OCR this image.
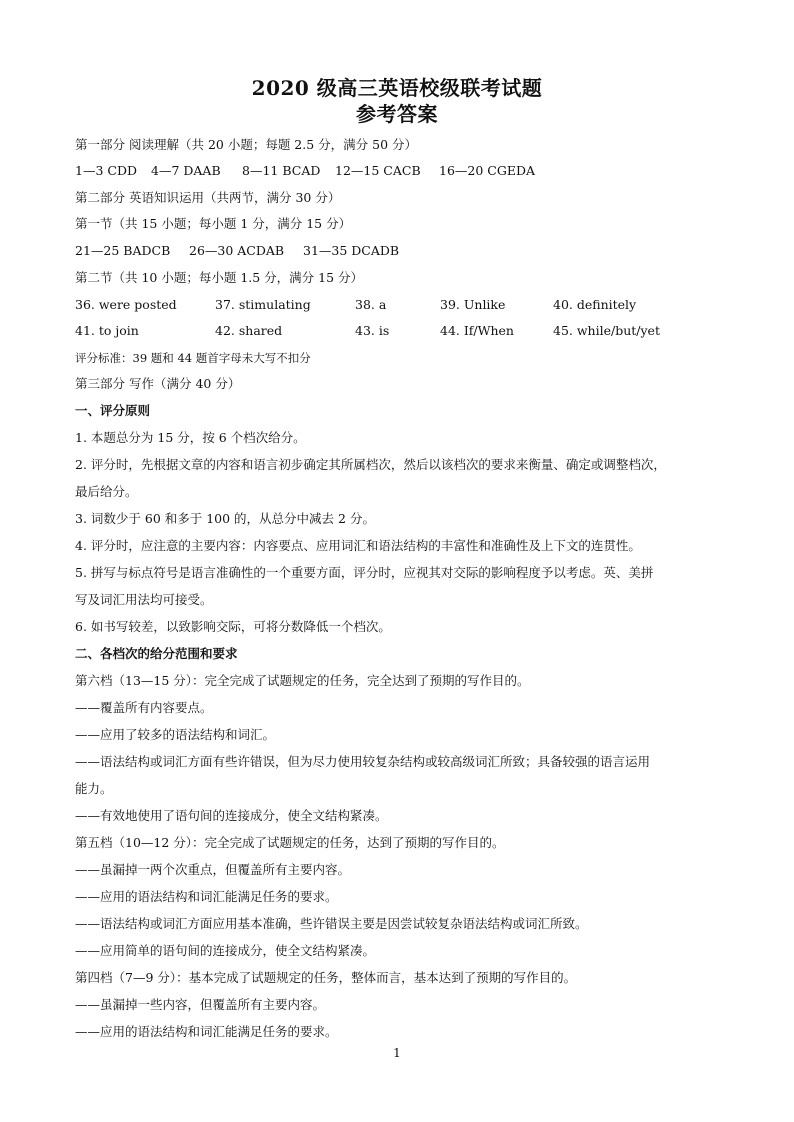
2020 级高三英语校级联考试题
参考答案
第一部分 阅读理解（共 20 小题；每题 2.5 分，满分 50 分）
1—3 CDD 4—7 DAAB 8—11 BCAD 12—15 CACB 16—20 CGEDA
第二部分 英语知识运用（共两节，满分 30 分）
第一节（共 15 小题；每小题 1 分，满分 15 分）
21—25 BADCB 26—30 ACDAB 31—35 DCADB
第二节（共 10 小题；每小题 1.5 分，满分 15 分）
36. were posted	37. stimulating	38. a	39. Unlike	40. definitely
41. to join	42. shared	43. is	44. If/When	45. while/but/yet
评分标准：39 题和 44 题首字母未大写不扣分
第三部分 写作（满分 40 分）
一、评分原则
1. 本题总分为 15 分，按 6 个档次给分。
2. 评分时，先根据文章的内容和语言初步确定其所属档次，然后以该档次的要求来衡量、确定或调整档次，
最后给分。
3. 词数少于 60 和多于 100 的，从总分中减去 2 分。
4. 评分时，应注意的主要内容：内容要点、应用词汇和语法结构的丰富性和准确性及上下文的连贯性。
5. 拼写与标点符号是语言准确性的一个重要方面，评分时，应视其对交际的影响程度予以考虑。英、美拼
写及词汇用法均可接受。
6. 如书写较差，以致影响交际，可将分数降低一个档次。
二、各档次的给分范围和要求
第六档（13—15 分）：完全完成了试题规定的任务，完全达到了预期的写作目的。
——覆盖所有内容要点。
——应用了较多的语法结构和词汇。
——语法结构或词汇方面有些许错误，但为尽力使用较复杂结构或较高级词汇所致；具备较强的语言运用
能力。
——有效地使用了语句间的连接成分，使全文结构紧凑。
第五档（10—12 分）：完全完成了试题规定的任务，达到了预期的写作目的。
——虽漏掉一两个次重点，但覆盖所有主要内容。
——应用的语法结构和词汇能满足任务的要求。
——语法结构或词汇方面应用基本准确，些许错误主要是因尝试较复杂语法结构或词汇所致。
——应用简单的语句间的连接成分，使全文结构紧凑。
第四档（7—9 分）：基本完成了试题规定的任务，整体而言，基本达到了预期的写作目的。
——虽漏掉一些内容，但覆盖所有主要内容。
——应用的语法结构和词汇能满足任务的要求。
1
